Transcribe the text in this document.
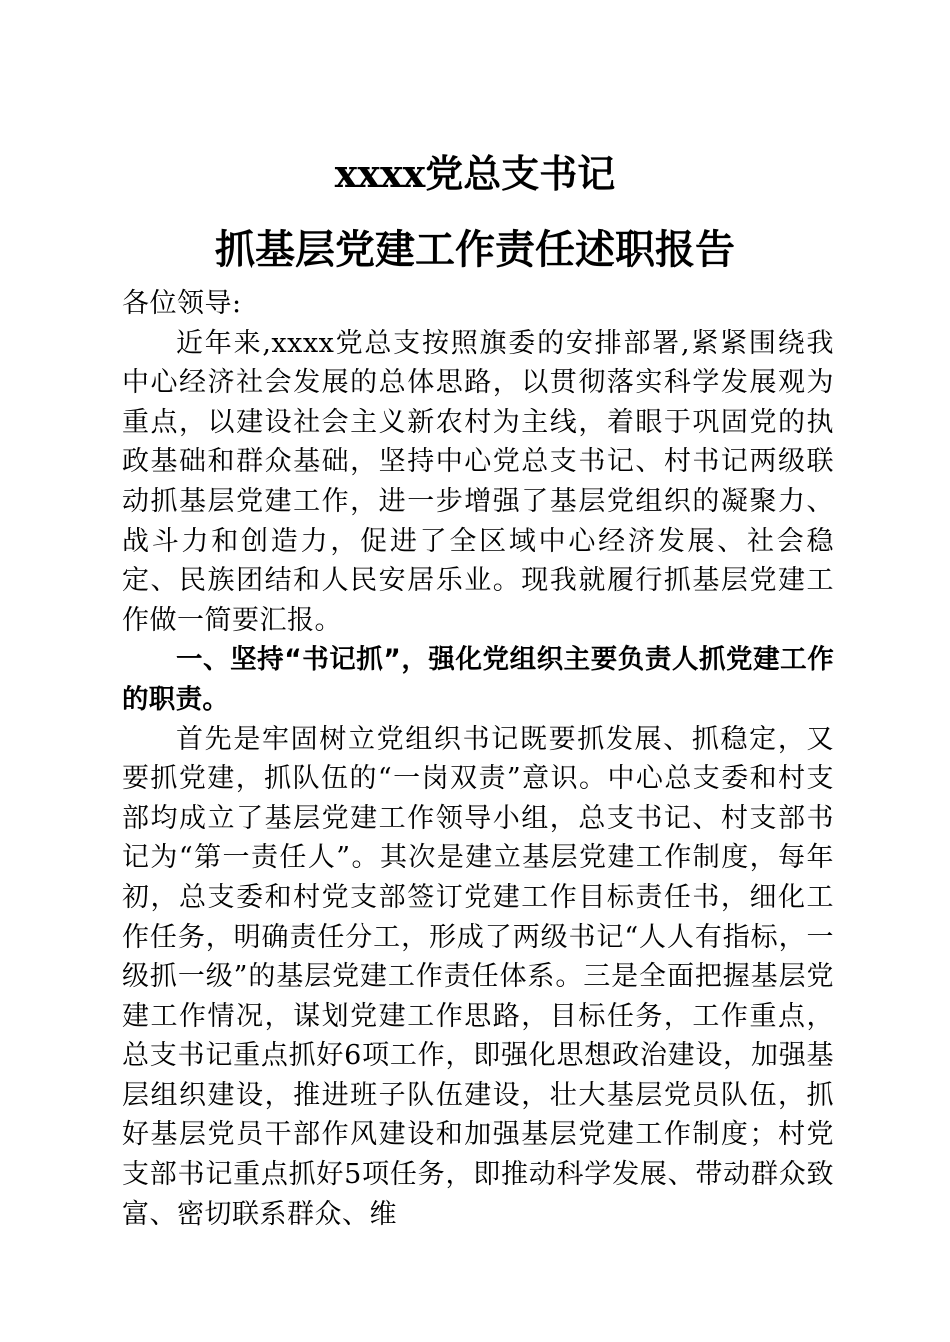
xxxx党总支书记
抓基层党建工作责任述职报告

各位领导:

近年来,xxxx党总支按照旗委的安排部署,紧紧围绕我中心经济社会发展的总体思路，以贯彻落实科学发展观为重点，以建设社会主义新农村为主线，着眼于巩固党的执政基础和群众基础，坚持中心党总支书记、村书记两级联动抓基层党建工作，进一步增强了基层党组织的凝聚力、战斗力和创造力，促进了全区域中心经济发展、社会稳定、民族团结和人民安居乐业。现我就履行抓基层党建工作做一简要汇报。

一、坚持“书记抓”，强化党组织主要负责人抓党建工作的职责。

首先是牢固树立党组织书记既要抓发展、抓稳定，又要抓党建，抓队伍的“一岗双责”意识。中心总支委和村支部均成立了基层党建工作领导小组，总支书记、村支部书记为“第一责任人”。其次是建立基层党建工作制度，每年初，总支委和村党支部签订党建工作目标责任书，细化工作任务，明确责任分工，形成了两级书记“人人有指标，一级抓一级”的基层党建工作责任体系。三是全面把握基层党建工作情况，谋划党建工作思路，目标任务，工作重点，总支书记重点抓好6项工作，即强化思想政治建设，加强基层组织建设，推进班子队伍建设，壮大基层党员队伍，抓好基层党员干部作风建设和加强基层党建工作制度；村党支部书记重点抓好5项任务，即推动科学发展、带动群众致富、密切联系群众、维
